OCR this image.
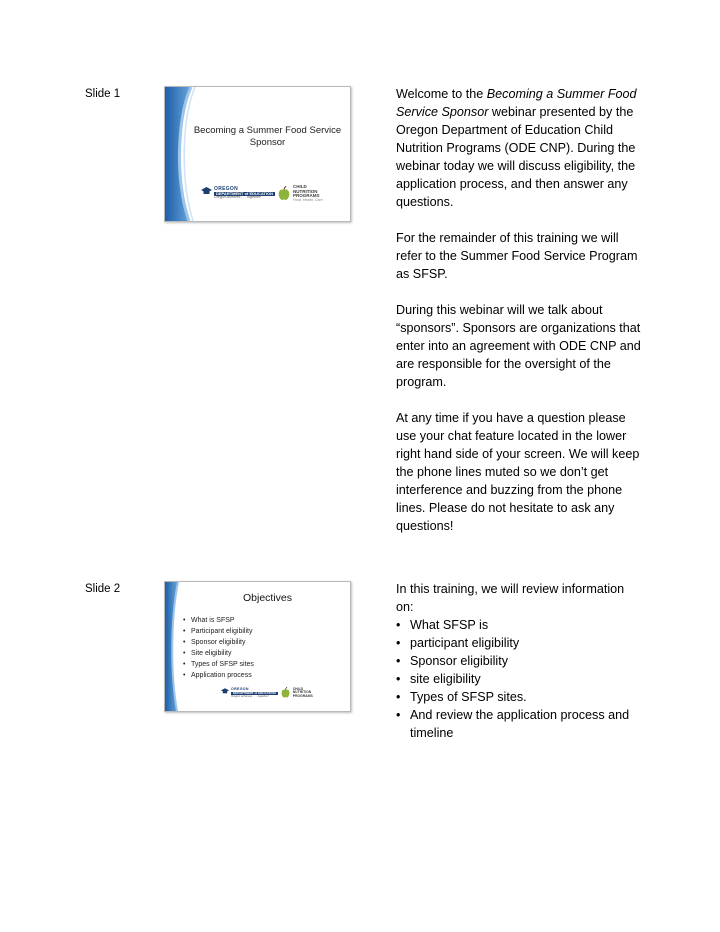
Slide 1
Becoming a Summer Food Service Sponsor
OREGON
DEPARTMENT of EDUCATION
Oregon achieves . . . together!
CHILD
NUTRITION
PROGRAMS
Food. Health. Care.

Welcome to the Becoming a Summer Food Service Sponsor webinar presented by the Oregon Department of Education Child Nutrition Programs (ODE CNP). During the webinar today we will discuss eligibility, the application process, and then answer any questions.

For the remainder of this training we will refer to the Summer Food Service Program as SFSP.

During this webinar will we talk about “sponsors”. Sponsors are organizations that enter into an agreement with ODE CNP and are responsible for the oversight of the program.

At any time if you have a question please use your chat feature located in the lower right hand side of your screen. We will keep the phone lines muted so we don’t get interference and buzzing from the phone lines. Please do not hesitate to ask any questions!

Slide 2
Objectives
• What is SFSP
• Participant eligibility
• Sponsor eligibility
• Site eligibility
• Types of SFSP sites
• Application process
OREGON
DEPARTMENT of EDUCATION
Oregon achieves . . . together!
CHILD
NUTRITION
PROGRAMS
In this training, we will review information on:
• What SFSP is
• participant eligibility
• Sponsor eligibility
• site eligibility
• Types of SFSP sites.
• And review the application process and timeline
